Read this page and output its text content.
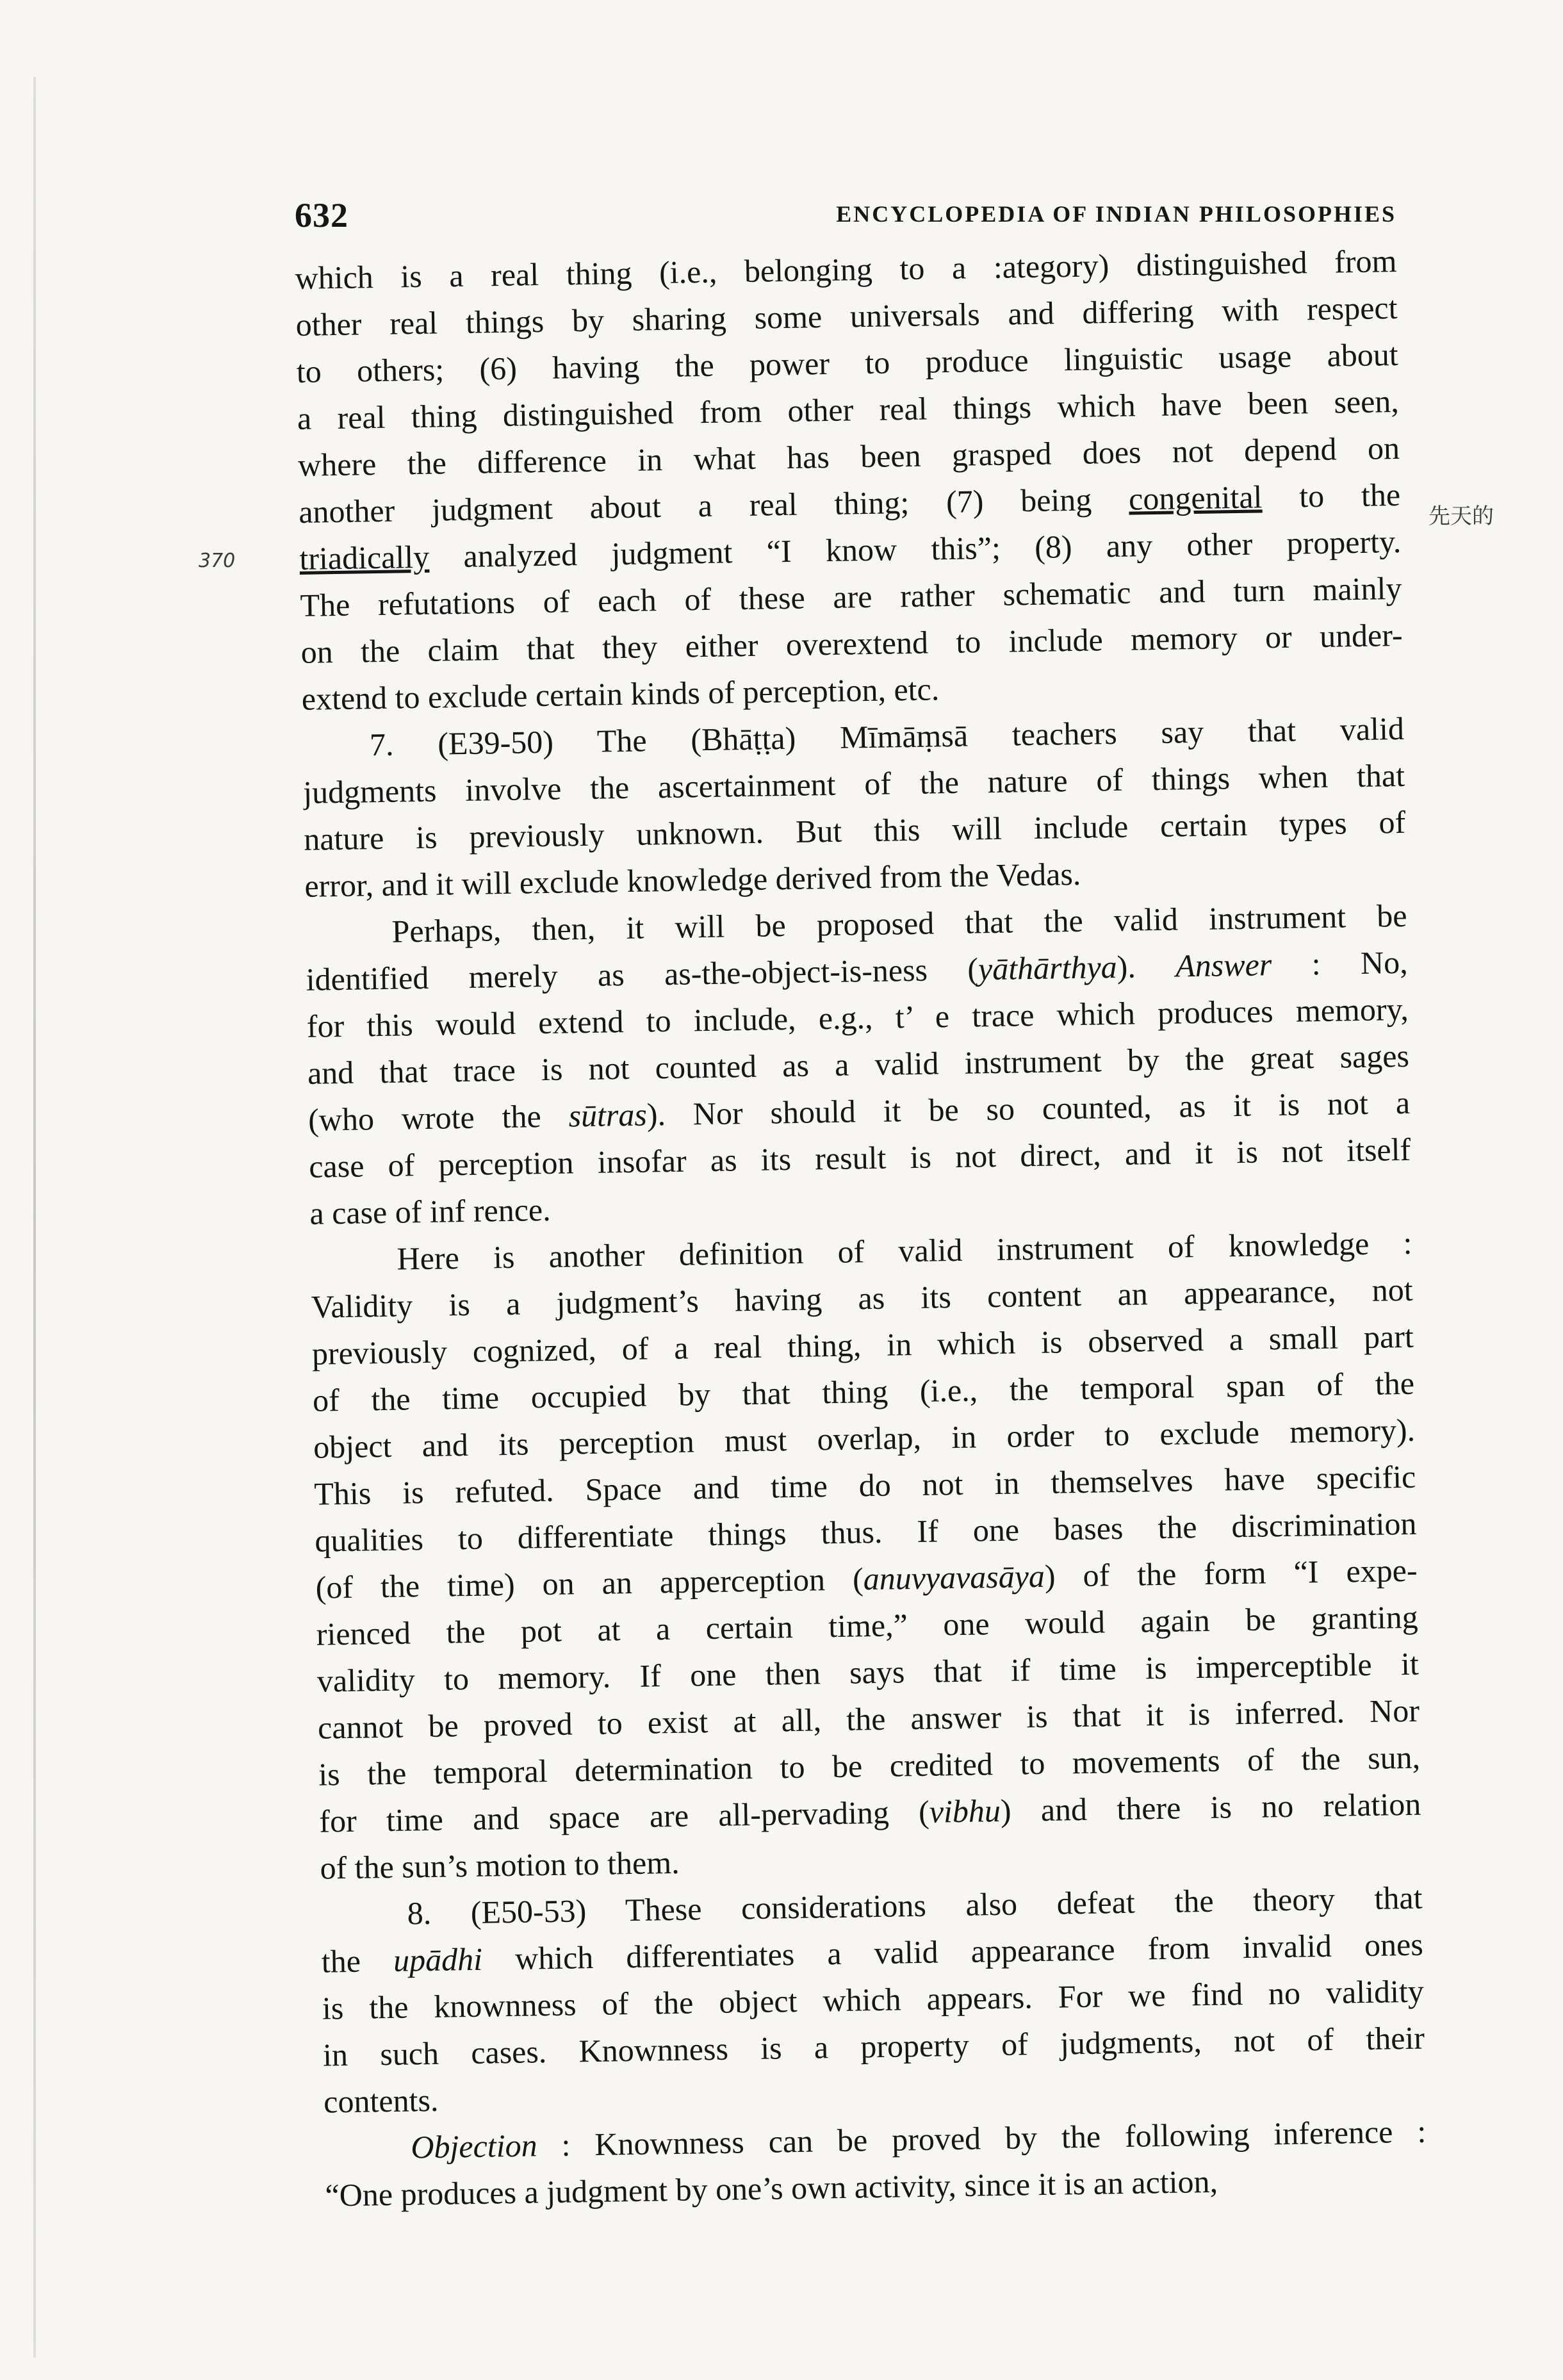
632	ENCYCLOPEDIA OF INDIAN PHILOSOPHIES
370
先天的
which is a real thing (i.e., belonging to a :ategory) distinguished from
other real things by sharing some universals and differing with respect
to others; (6) having the power to produce linguistic usage about
a real thing distinguished from other real things which have been seen,
where the difference in what has been grasped does not depend on
another judgment about a real thing; (7) being congenital to the
triadically analyzed judgment “I know this”; (8) any other property.
The refutations of each of these are rather schematic and turn mainly
on the claim that they either overextend to include memory or under-
extend to exclude certain kinds of perception, etc.
7. (E39-50) The (Bhāṭṭa) Mīmāṃsā teachers say that valid
judgments involve the ascertainment of the nature of things when that
nature is previously unknown. But this will include certain types of
error, and it will exclude knowledge derived from the Vedas.
Perhaps, then, it will be proposed that the valid instrument be
identified merely as as-the-object-is-ness (yāthārthya). Answer : No,
for this would extend to include, e.g., t’ e trace which produces memory,
and that trace is not counted as a valid instrument by the great sages
(who wrote the sūtras). Nor should it be so counted, as it is not a
case of perception insofar as its result is not direct, and it is not itself
a case of inf rence.
Here is another definition of valid instrument of knowledge :
Validity is a judgment’s having as its content an appearance, not
previously cognized, of a real thing, in which is observed a small part
of the time occupied by that thing (i.e., the temporal span of the
object and its perception must overlap, in order to exclude memory).
This is refuted. Space and time do not in themselves have specific
qualities to differentiate things thus. If one bases the discrimination
(of the time) on an apperception (anuvyavasāya) of the form “I expe-
rienced the pot at a certain time,” one would again be granting
validity to memory. If one then says that if time is imperceptible it
cannot be proved to exist at all, the answer is that it is inferred. Nor
is the temporal determination to be credited to movements of the sun,
for time and space are all-pervading (vibhu) and there is no relation
of the sun’s motion to them.
8. (E50-53) These considerations also defeat the theory that
the upādhi which differentiates a valid appearance from invalid ones
is the knownness of the object which appears. For we find no validity
in such cases. Knownness is a property of judgments, not of their
contents.
Objection : Knownness can be proved by the following inference :
“One produces a judgment by one’s own activity, since it is an action,
